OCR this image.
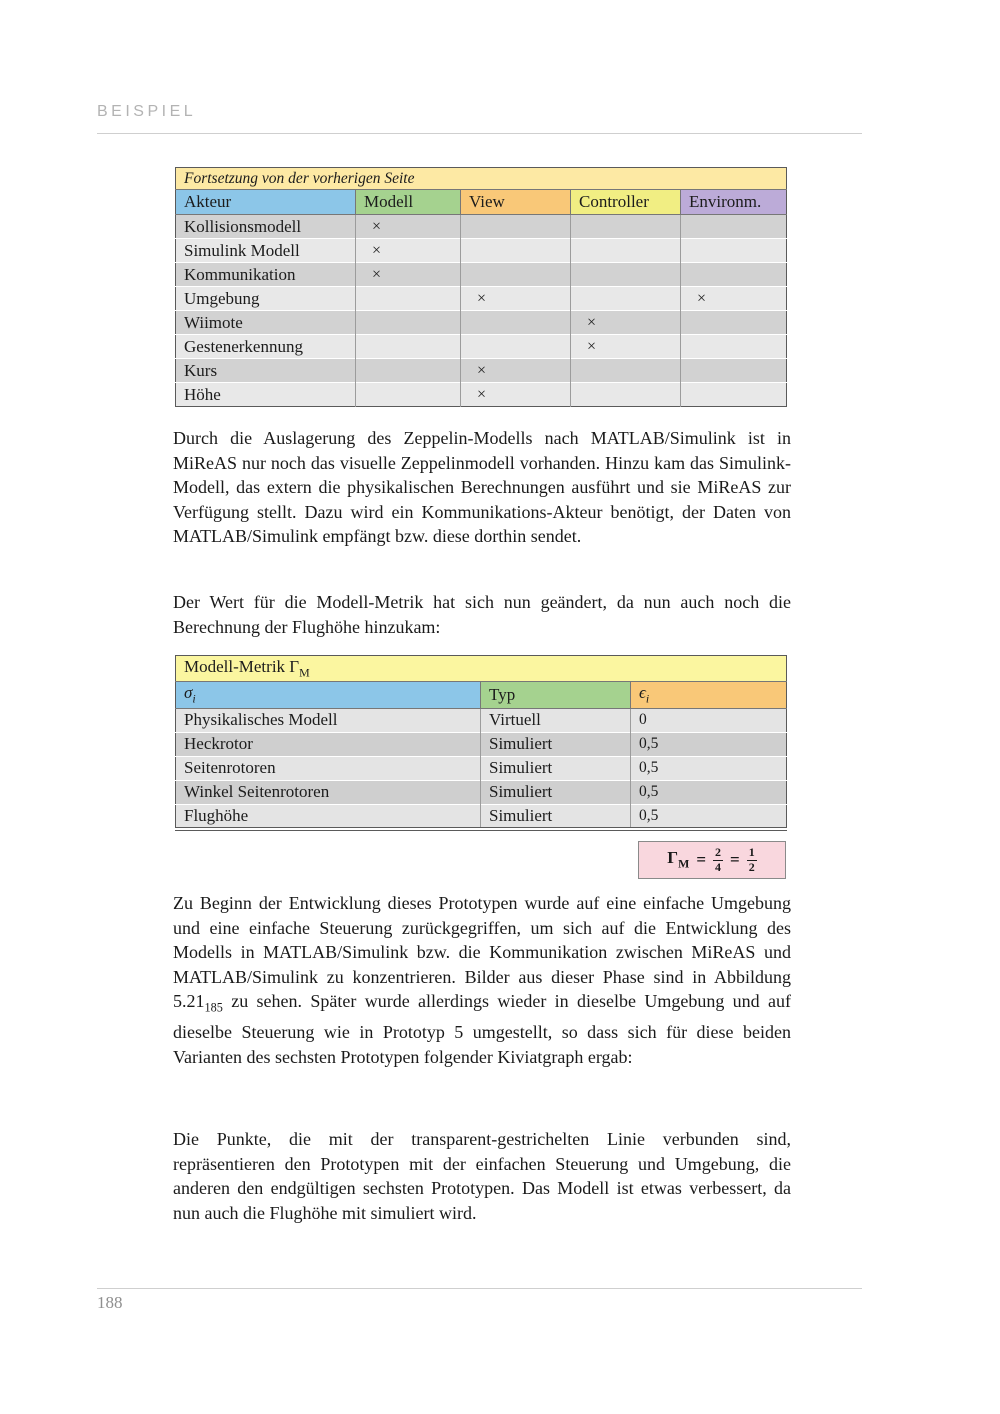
BEISPIEL
Fortsetzung von der vorherigen Seite				
Akteur	Modell	View	Controller	Environm.
Kollisionsmodell	×			
Simulink Modell	×			
Kommunikation	×			
Umgebung		×		×
Wiimote			×	
Gestenerkennung			×	
Kurs		×		
Höhe		×		

Durch die Auslagerung des Zeppelin-Modells nach MATLAB/Simulink ist in MiReAS nur noch das visuelle Zeppelinmodell vorhanden. Hinzu kam das Simulink-Modell, das extern die physikalischen Berechnungen ausführt und sie MiReAS zur Verfügung stellt. Dazu wird ein Kommunikations-Akteur benötigt, der Daten von MATLAB/Simulink empfängt bzw. diese dorthin sendet.

Der Wert für die Modell-Metrik hat sich nun geändert, da nun auch noch die Berechnung der Flughöhe hinzukam:

Modell-Metrik $\Gamma_M$
$\sigma_i$	Typ	$\epsilon_i$
Physikalisches Modell	Virtuell	0
Heckrotor	Simuliert	0,5
Seitenrotoren	Simuliert	0,5
Winkel Seitenrotoren	Simuliert	0,5
Flughöhe	Simuliert	0,5
$\Gamma_M = \frac{2}{4} = \frac{1}{2}$

Zu Beginn der Entwicklung dieses Prototypen wurde auf eine einfache Umgebung und eine einfache Steuerung zurückgegriffen, um sich auf die Entwicklung des Modells in MATLAB/Simulink bzw. die Kommunikation zwischen MiReAS und MATLAB/Simulink zu konzentrieren. Bilder aus dieser Phase sind in Abbildung $5.21_{185}$ zu sehen. Später wurde allerdings wieder in dieselbe Umgebung und auf dieselbe Steuerung wie in Prototyp 5 umgestellt, so dass sich für diese beiden Varianten des sechsten Prototypen folgender Kiviatgraph ergab:

Die Punkte, die mit der transparent-gestrichelten Linie verbunden sind, repräsentieren den Prototypen mit der einfachen Steuerung und Umgebung, die anderen den endgültigen sechsten Prototypen. Das Modell ist etwas verbessert, da nun auch die Flughöhe mit simuliert wird.

188
